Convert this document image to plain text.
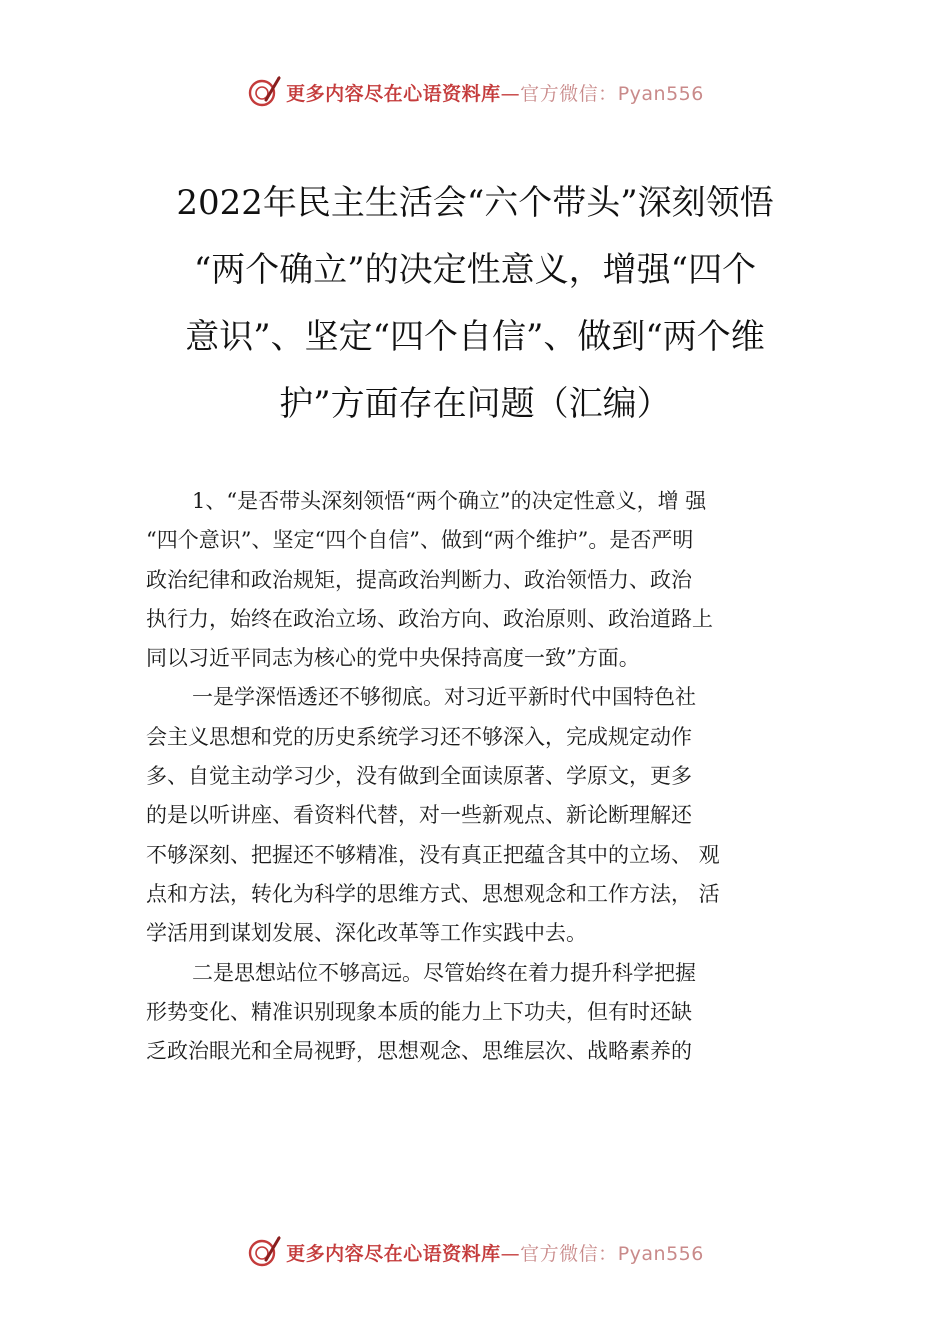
更多内容尽在心语资料库—官方微信：Pyan556
2022年民主生活会“六个带头”深刻领悟
“两个确立”的决定性意义，增强“四个
意识”、坚定“四个自信”、做到“两个维
护”方面存在问题（汇编）

1、“是否带头深刻领悟“两个确立”的决定性意义，增 强
“四个意识”、坚定“四个自信”、做到“两个维护”。是否严明
政治纪律和政治规矩，提高政治判断力、政治领悟力、政治
执行力，始终在政治立场、政治方向、政治原则、政治道路上
同以习近平同志为核心的党中央保持高度一致”方面。

一是学深悟透还不够彻底。对习近平新时代中国特色社
会主义思想和党的历史系统学习还不够深入，完成规定动作
多、自觉主动学习少，没有做到全面读原著、学原文，更多
的是以听讲座、看资料代替，对一些新观点、新论断理解还
不够深刻、把握还不够精准，没有真正把蕴含其中的立场、 观
点和方法，转化为科学的思维方式、思想观念和工作方法， 活
学活用到谋划发展、深化改革等工作实践中去。

二是思想站位不够高远。尽管始终在着力提升科学把握
形势变化、精准识别现象本质的能力上下功夫，但有时还缺
乏政治眼光和全局视野，思想观念、思维层次、战略素养的

更多内容尽在心语资料库—官方微信：Pyan556
